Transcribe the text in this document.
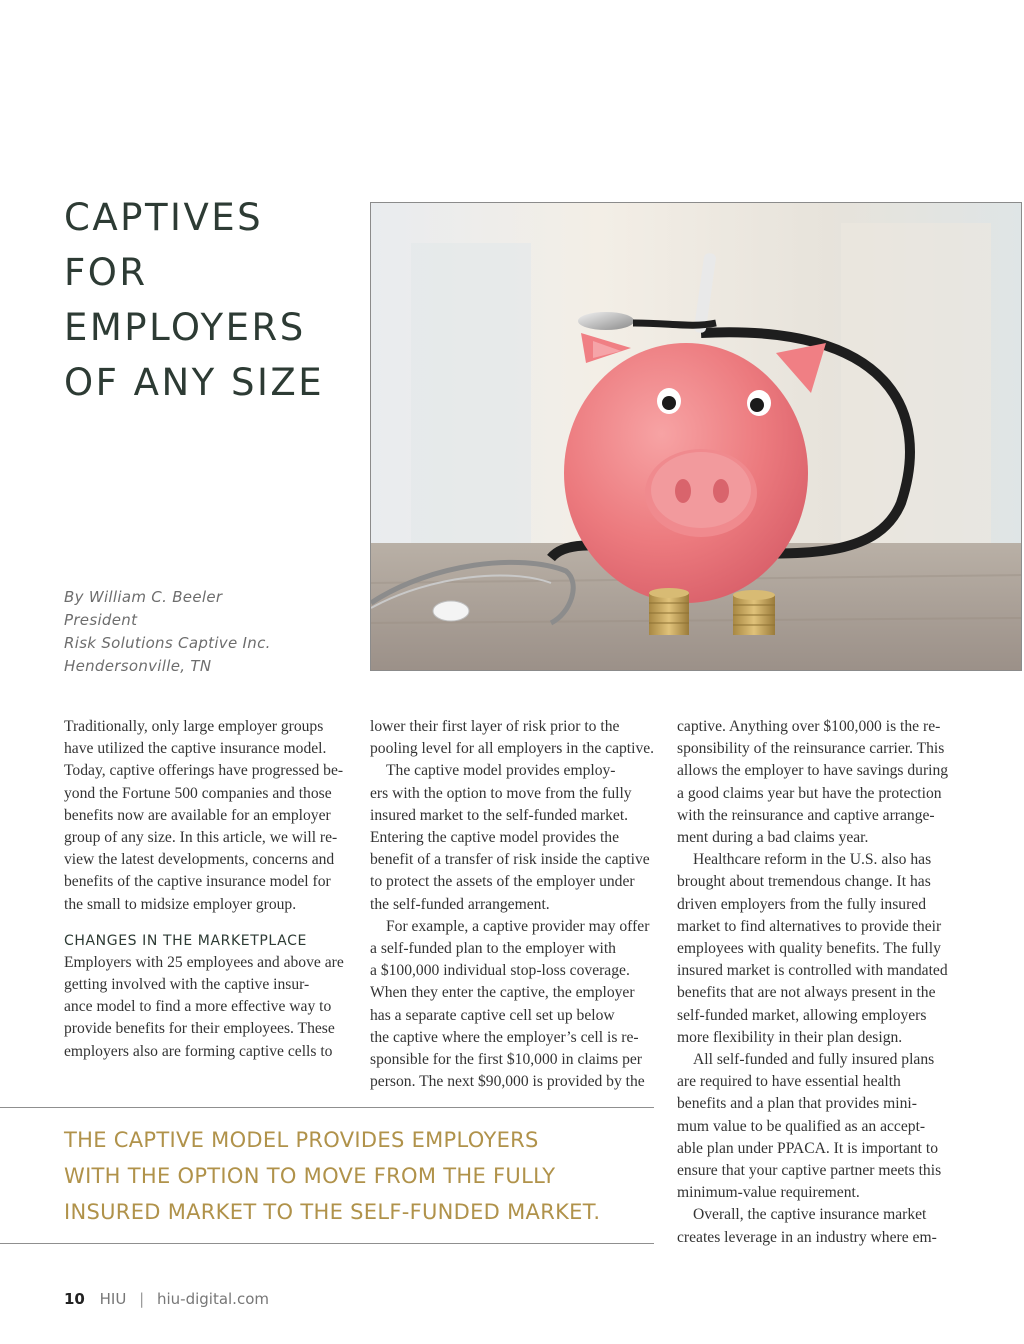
CAPTIVES
FOR
EMPLOYERS
OF ANY SIZE
By William C. Beeler
President
Risk Solutions Captive Inc.
Hendersonville, TN
Traditionally, only large employer groups
have utilized the captive insurance model.
Today, captive offerings have progressed be-
yond the Fortune 500 companies and those
benefits now are available for an employer
group of any size. In this article, we will re-
view the latest developments, concerns and
benefits of the captive insurance model for
the small to midsize employer group.
CHANGES IN THE MARKETPLACE
Employers with 25 employees and above are
getting involved with the captive insur-
ance model to find a more effective way to
provide benefits for their employees. These
employers also are forming captive cells to
lower their first layer of risk prior to the
pooling level for all employers in the captive.
The captive model provides employ-
ers with the option to move from the fully
insured market to the self-funded market.
Entering the captive model provides the
benefit of a transfer of risk inside the captive
to protect the assets of the employer under
the self-funded arrangement.
For example, a captive provider may offer
a self-funded plan to the employer with
a $100,000 individual stop-loss coverage.
When they enter the captive, the employer
has a separate captive cell set up below
the captive where the employer’s cell is re-
sponsible for the first $10,000 in claims per
person. The next $90,000 is provided by the
captive. Anything over $100,000 is the re-
sponsibility of the reinsurance carrier. This
allows the employer to have savings during
a good claims year but have the protection
with the reinsurance and captive arrange-
ment during a bad claims year.
Healthcare reform in the U.S. also has
brought about tremendous change. It has
driven employers from the fully insured
market to find alternatives to provide their
employees with quality benefits. The fully
insured market is controlled with mandated
benefits that are not always present in the
self-funded market, allowing employers
more flexibility in their plan design.
All self-funded and fully insured plans
are required to have essential health
benefits and a plan that provides mini-
mum value to be qualified as an accept-
able plan under PPACA. It is important to
ensure that your captive partner meets this
minimum-value requirement.
Overall, the captive insurance market
creates leverage in an industry where em-
THE CAPTIVE MODEL PROVIDES EMPLOYERS
WITH THE OPTION TO MOVE FROM THE FULLY
INSURED MARKET TO THE SELF-FUNDED MARKET.
10 HIU | hiu-digital.com
